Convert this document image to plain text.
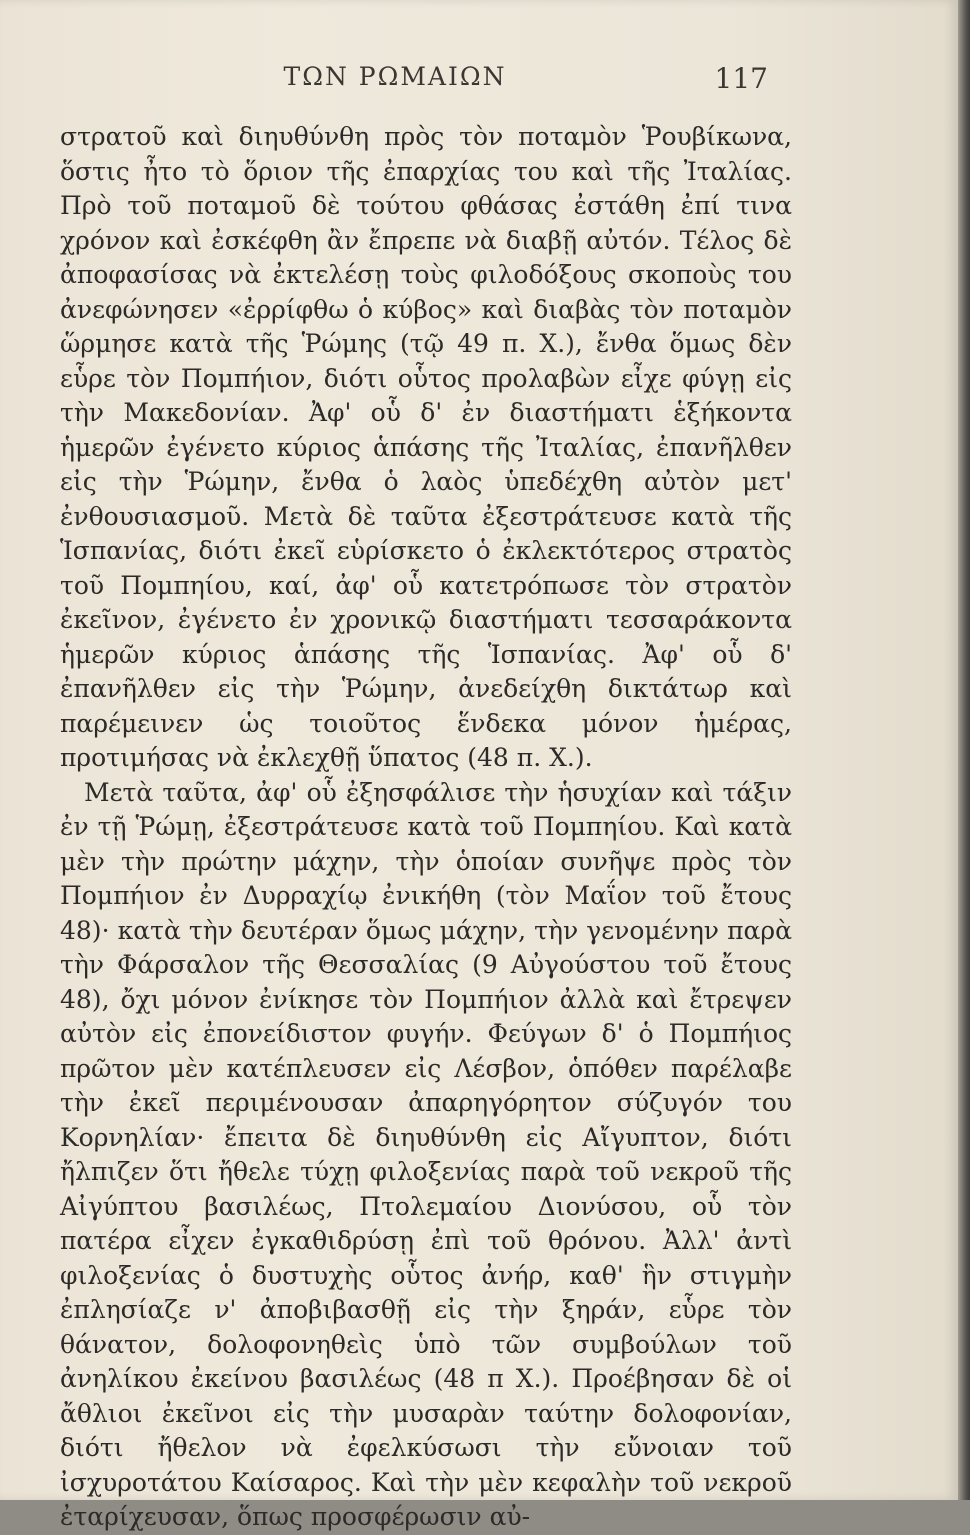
ΤΩΝ ΡΩΜΑΙΩΝ	117

στρατοῦ καὶ διηυθύνθη πρὸς τὸν ποταμὸν Ῥουβίκωνα, ὅστις ἦτο τὸ ὅριον τῆς ἐπαρχίας του καὶ τῆς Ἰταλίας. Πρὸ τοῦ ποταμοῦ δὲ τούτου φθάσας ἐστάθη ἐπί τινα χρόνον καὶ ἐσκέφθη ἂν ἔπρεπε νὰ διαβῇ αὐτόν. Τέλος δὲ ἀποφασίσας νὰ ἐκτελέσῃ τοὺς φιλοδόξους σκοποὺς του ἀνεφώνησεν «ἐρρίφθω ὁ κύβος» καὶ διαβὰς τὸν ποταμὸν ὥρμησε κατὰ τῆς Ῥώμης (τῷ 49 π. Χ.), ἔνθα ὅμως δὲν εὗρε τὸν Πομπήιον, διότι οὗτος προλαβὼν εἶχε φύγῃ εἰς τὴν Μακεδονίαν. Ἀφ' οὗ δ' ἐν διαστήματι ἑξήκοντα ἡμερῶν ἐγένετο κύριος ἁπάσης τῆς Ἰταλίας, ἐπανῆλθεν εἰς τὴν Ῥώμην, ἔνθα ὁ λαὸς ὑπεδέχθη αὐτὸν μετ' ἐνθουσιασμοῦ. Μετὰ δὲ ταῦτα ἐξεστράτευσε κατὰ τῆς Ἱσπανίας, διότι ἐκεῖ εὑρίσκετο ὁ ἐκλεκτότερος στρατὸς τοῦ Πομπηίου, καί, ἀφ' οὗ κατετρόπωσε τὸν στρατὸν ἐκεῖνον, ἐγένετο ἐν χρονικῷ διαστήματι τεσσαράκοντα ἡμερῶν κύριος ἁπάσης τῆς Ἱσπανίας. Ἀφ' οὗ δ' ἐπανῆλθεν εἰς τὴν Ῥώμην, ἀνεδείχθη δικτάτωρ καὶ παρέμεινεν ὡς τοιοῦτος ἕνδεκα μόνον ἡμέρας, προτιμήσας νὰ ἐκλεχθῇ ὕπατος (48 π. Χ.).

Μετὰ ταῦτα, ἀφ' οὗ ἐξησφάλισε τὴν ἡσυχίαν καὶ τάξιν ἐν τῇ Ῥώμῃ, ἐξεστράτευσε κατὰ τοῦ Πομπηίου. Καὶ κατὰ μὲν τὴν πρώτην μάχην, τὴν ὁποίαν συνῆψε πρὸς τὸν Πομπήιον ἐν Δυρραχίῳ ἐνικήθη (τὸν Μαΐον τοῦ ἔτους 48)· κατὰ τὴν δευτέραν ὅμως μάχην, τὴν γενομένην παρὰ τὴν Φάρσαλον τῆς Θεσσαλίας (9 Αὐγούστου τοῦ ἔτους 48), ὄχι μόνον ἐνίκησε τὸν Πομπήιον ἀλλὰ καὶ ἔτρεψεν αὐτὸν εἰς ἐπονείδιστον φυγήν. Φεύγων δ' ὁ Πομπήιος πρῶτον μὲν κατέπλευσεν εἰς Λέσβον, ὁπόθεν παρέλαβε τὴν ἐκεῖ περιμένουσαν ἀπαρηγόρητον σύζυγόν του Κορνηλίαν· ἔπειτα δὲ διηυθύνθη εἰς Αἴγυπτον, διότι ἤλπιζεν ὅτι ἤθελε τύχῃ φιλοξενίας παρὰ τοῦ νεκροῦ τῆς Αἰγύπτου βασιλέως, Πτολεμαίου Διονύσου, οὗ τὸν πατέρα εἶχεν ἐγκαθιδρύσῃ ἐπὶ τοῦ θρόνου. Ἀλλ' ἀντὶ φιλοξενίας ὁ δυστυχὴς οὗτος ἀνήρ, καθ' ἣν στιγμὴν ἐπλησίαζε ν' ἀποβιβασθῇ εἰς τὴν ξηράν, εὗρε τὸν θάνατον, δολοφονηθεὶς ὑπὸ τῶν συμβούλων τοῦ ἀνηλίκου ἐκείνου βασιλέως (48 π Χ.). Προέβησαν δὲ οἱ ἄθλιοι ἐκεῖνοι εἰς τὴν μυσαρὰν ταύτην δολοφονίαν, διότι ἤθελον νὰ ἐφελκύσωσι τὴν εὔνοιαν τοῦ ἰσχυροτάτου Καίσαρος. Καὶ τὴν μὲν κεφαλὴν τοῦ νεκροῦ ἐταρίχευσαν, ὅπως προσφέρωσιν αὐ-
